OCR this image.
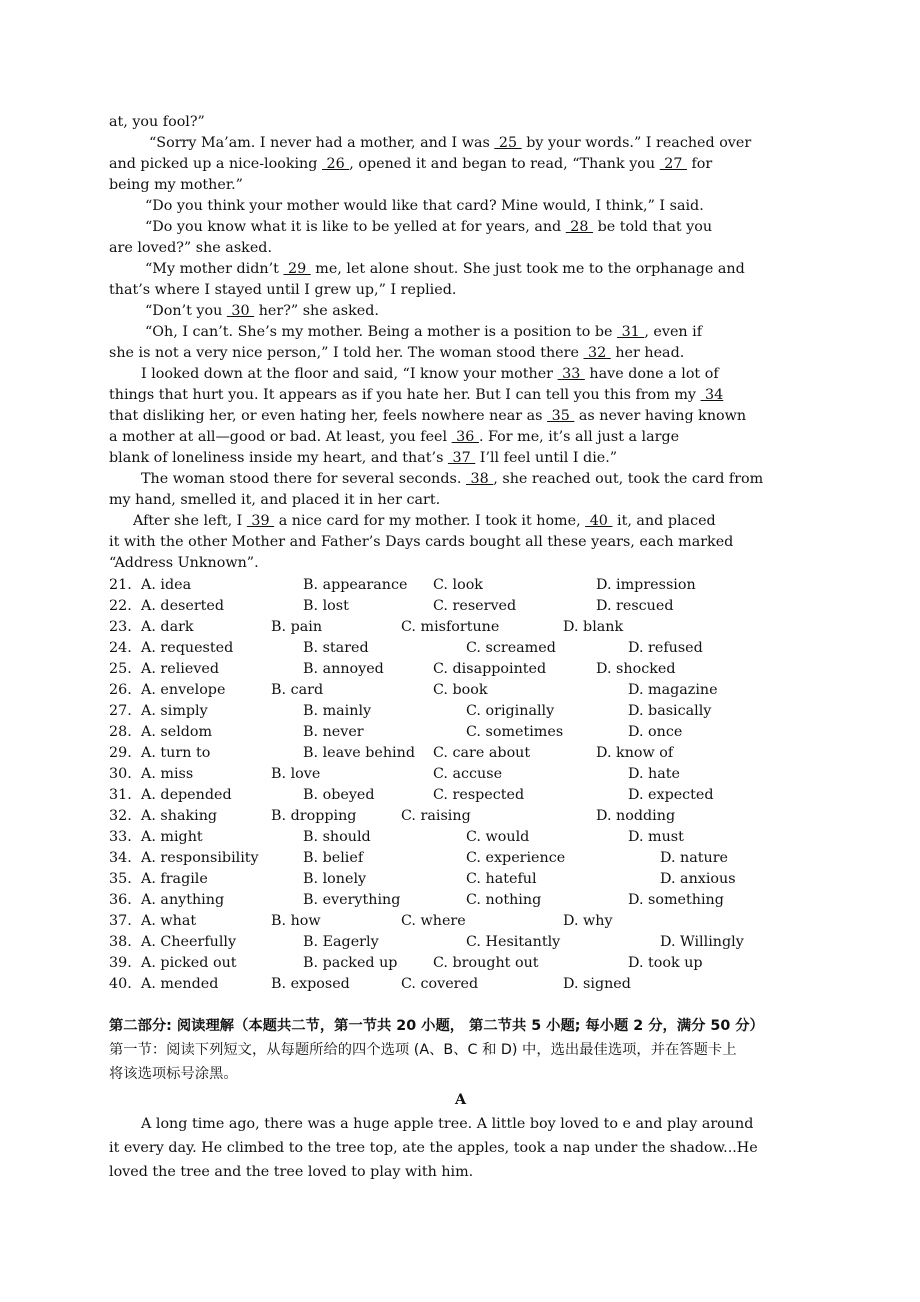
at, you fool?”
“Sorry Ma’am. I never had a mother, and I was  25  by your words.” I reached over
and picked up a nice-looking  26 , opened it and began to read, “Thank you  27  for
being my mother.”
“Do you think your mother would like that card? Mine would, I think,” I said.
“Do you know what it is like to be yelled at for years, and  28  be told that you
are loved?” she asked.
“My mother didn’t  29  me, let alone shout. She just took me to the orphanage and
that’s where I stayed until I grew up,” I replied.
“Don’t you  30  her?” she asked.
“Oh, I can’t. She’s my mother. Being a mother is a position to be  31 , even if
she is not a very nice person,” I told her. The woman stood there  32  her head.
I looked down at the floor and said, “I know your mother  33  have done a lot of
things that hurt you. It appears as if you hate her. But I can tell you this from my  34
that disliking her, or even hating her, feels nowhere near as  35  as never having known
a mother at all—good or bad. At least, you feel  36 . For me, it’s all just a large
blank of loneliness inside my heart, and that’s  37  I’ll feel until I die.”
The woman stood there for several seconds.  38 , she reached out, took the card from
my hand, smelled it, and placed it in her cart.
After she left, I  39  a nice card for my mother. I took it home,  40  it, and placed
it with the other Mother and Father’s Days cards bought all these years, each marked
“Address Unknown”.
21. A. idea	B. appearance C. look	D. impression
22. A. deserted	B. lost	C. reserved	D. rescued
23. A. dark	B. pain	C. misfortune	D. blank
24. A. requested	B. stared	C. screamed	D. refused
25. A. relieved	B. annoyed	C. disappointed	D. shocked
26. A. envelope	B. card	C. book	D. magazine
27. A. simply	B. mainly	C. originally	D. basically
28. A. seldom	B. never	C. sometimes	D. once
29. A. turn to	B. leave behind C. care about	D. know of
30. A. miss	B. love	C. accuse	D. hate
31. A. depended	B. obeyed	C. respected	D. expected
32. A. shaking	B. dropping	C. raising	D. nodding
33. A. might	B. should	C. would	D. must
34. A. responsibility	B. belief	C. experience	D. nature
35. A. fragile	B. lonely	C. hateful	D. anxious
36. A. anything	B. everything	C. nothing	D. something
37. A. what	B. how	C. where	D. why
38. A. Cheerfully	B. Eagerly	C. Hesitantly	D. Willingly
39. A. picked out	B. packed up C. brought out	D. took up
40. A. mended	B. exposed	C. covered	D. signed
第二部分: 阅读理解（本题共二节，第一节共 20 小题， 第二节共 5 小题; 每小题 2 分，满分 50 分）
第一节：阅读下列短文，从每题所给的四个选项 (A、B、C 和 D) 中，选出最佳选项，并在答题卡上
将该选项标号涂黑。
A
A long time ago, there was a huge apple tree. A little boy loved to e and play around
it every day. He climbed to the tree top, ate the apples, took a nap under the shadow...He
loved the tree and the tree loved to play with him.
